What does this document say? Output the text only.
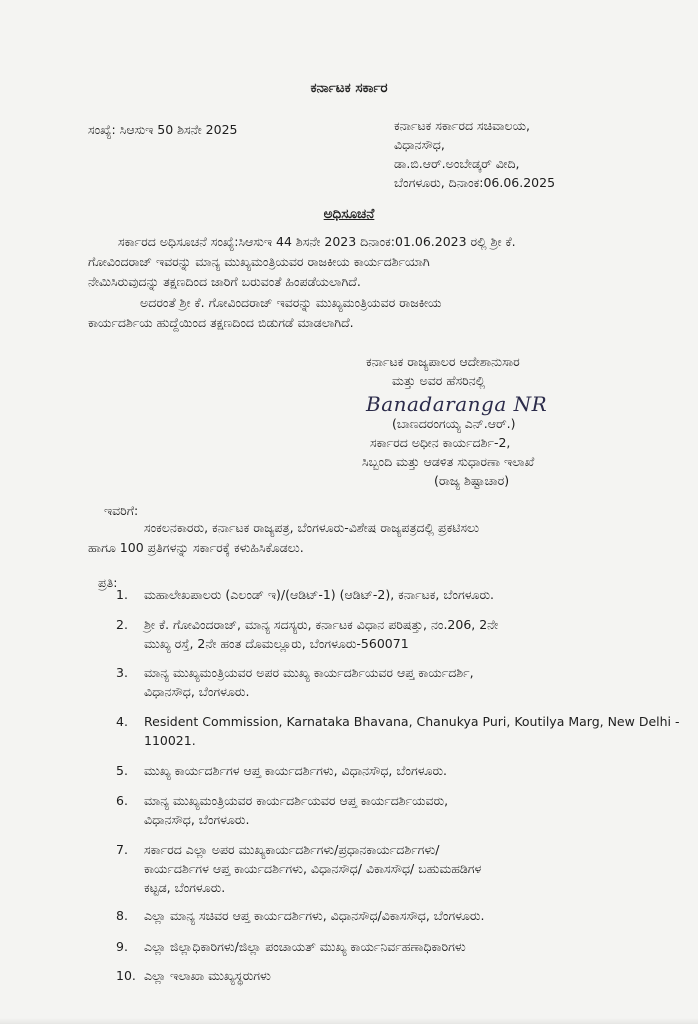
ಕರ್ನಾಟಕ ಸರ್ಕಾರ
ಸಂಖ್ಯೆ: ಸಿಆಸುಇ 50 ಶಿಸನೇ 2025	ಕರ್ನಾಟಕ ಸರ್ಕಾರದ ಸಚಿವಾಲಯ,
ವಿಧಾನಸೌಧ,
ಡಾ.ಬಿ.ಆರ್.ಅಂಬೇಡ್ಕರ್ ವೀದಿ,
ಬೆಂಗಳೂರು, ದಿನಾಂಕ:06.06.2025
ಅಧಿಸೂಚನೆ
ಸರ್ಕಾರದ ಅಧಿಸೂಚನೆ ಸಂಖ್ಯೆ:ಸಿಆಸುಇ 44 ಶಿಸನೇ 2023 ದಿನಾಂಕ:01.06.2023 ರಲ್ಲಿ ಶ್ರೀ ಕೆ.
ಗೋವಿಂದರಾಜ್ ಇವರನ್ನು ಮಾನ್ಯ ಮುಖ್ಯಮಂತ್ರಿಯವರ ರಾಜಕೀಯ ಕಾರ್ಯದರ್ಶಿಯಾಗಿ
ನೇಮಿಸಿರುವುದನ್ನು ತಕ್ಷಣದಿಂದ ಜಾರಿಗೆ ಬರುವಂತೆ ಹಿಂಪಡೆಯಲಾಗಿದೆ.
ಅದರಂತೆ ಶ್ರೀ ಕೆ. ಗೋವಿಂದರಾಜ್ ಇವರನ್ನು ಮುಖ್ಯಮಂತ್ರಿಯವರ ರಾಜಕೀಯ
ಕಾರ್ಯದರ್ಶಿಯ ಹುದ್ದೆಯಿಂದ ತಕ್ಷಣದಿಂದ ಬಿಡುಗಡೆ ಮಾಡಲಾಗಿದೆ.
ಕರ್ನಾಟಕ ರಾಜ್ಯಪಾಲರ ಆದೇಶಾನುಸಾರ
ಮತ್ತು ಅವರ ಹೆಸರಿನಲ್ಲಿ
Banadaranga NR
(ಬಾಣದರಂಗಯ್ಯ ಎನ್.ಆರ್.)
ಸರ್ಕಾರದ ಅಧೀನ ಕಾರ್ಯದರ್ಶಿ-2,
ಸಿಬ್ಬಂದಿ ಮತ್ತು ಆಡಳಿತ ಸುಧಾರಣಾ ಇಲಾಖೆ
(ರಾಜ್ಯ ಶಿಷ್ಟಾಚಾರ)
ಇವರಿಗೆ:
ಸಂಕಲನಕಾರರು, ಕರ್ನಾಟಕ ರಾಜ್ಯಪತ್ರ, ಬೆಂಗಳೂರು-ವಿಶೇಷ ರಾಜ್ಯಪತ್ರದಲ್ಲಿ ಪ್ರಕಟಿಸಲು
ಹಾಗೂ 100 ಪ್ರತಿಗಳನ್ನು ಸರ್ಕಾರಕ್ಕೆ ಕಳುಹಿಸಿಕೊಡಲು.
ಪ್ರತಿ:
1. ಮಹಾಲೇಖಪಾಲರು (ಎಲಂಡ್ ಇ)/(ಆಡಿಟ್-1) (ಆಡಿಟ್-2), ಕರ್ನಾಟಕ, ಬೆಂಗಳೂರು.
2. ಶ್ರೀ ಕೆ. ಗೋವಿಂದರಾಜ್, ಮಾನ್ಯ ಸದಸ್ಯರು, ಕರ್ನಾಟಕ ವಿಧಾನ ಪರಿಷತ್ತು, ನಂ.206, 2ನೇ
ಮುಖ್ಯ ರಸ್ತೆ, 2ನೇ ಹಂತ ದೊಮಲ್ಲೂರು, ಬೆಂಗಳೂರು-560071
3. ಮಾನ್ಯ ಮುಖ್ಯಮಂತ್ರಿಯವರ ಅಪರ ಮುಖ್ಯ ಕಾರ್ಯದರ್ಶಿಯವರ ಆಪ್ತ ಕಾರ್ಯದರ್ಶಿ,
ವಿಧಾನಸೌಧ, ಬೆಂಗಳೂರು.
4. Resident Commission, Karnataka Bhavana, Chanukya Puri, Koutilya Marg, New Delhi -
110021.
5. ಮುಖ್ಯ ಕಾರ್ಯದರ್ಶಿಗಳ ಆಪ್ತ ಕಾರ್ಯದರ್ಶಿಗಳು, ವಿಧಾನಸೌಧ, ಬೆಂಗಳೂರು.
6. ಮಾನ್ಯ ಮುಖ್ಯಮಂತ್ರಿಯವರ ಕಾರ್ಯದರ್ಶಿಯವರ ಆಪ್ತ ಕಾರ್ಯದರ್ಶಿಯವರು,
ವಿಧಾನಸೌಧ, ಬೆಂಗಳೂರು.
7. ಸರ್ಕಾರದ ಎಲ್ಲಾ ಅಪರ ಮುಖ್ಯಕಾರ್ಯದರ್ಶಿಗಳು/ಪ್ರಧಾನಕಾರ್ಯದರ್ಶಿಗಳು/
ಕಾರ್ಯದರ್ಶಿಗಳ ಆಪ್ತ ಕಾರ್ಯದರ್ಶಿಗಳು, ವಿಧಾನಸೌಧ/ ವಿಕಾಸಸೌಧ/ ಬಹುಮಹಡಿಗಳ
ಕಟ್ಟಡ, ಬೆಂಗಳೂರು.
8. ಎಲ್ಲಾ ಮಾನ್ಯ ಸಚಿವರ ಆಪ್ತ ಕಾರ್ಯದರ್ಶಿಗಳು, ವಿಧಾನಸೌಧ/ವಿಕಾಸಸೌಧ, ಬೆಂಗಳೂರು.
9. ಎಲ್ಲಾ ಜಿಲ್ಲಾಧಿಕಾರಿಗಳು/ಜಿಲ್ಲಾ ಪಂಚಾಯತ್ ಮುಖ್ಯ ಕಾರ್ಯನಿರ್ವಹಣಾಧಿಕಾರಿಗಳು
10. ಎಲ್ಲಾ ಇಲಾಖಾ ಮುಖ್ಯಸ್ಥರುಗಳು
